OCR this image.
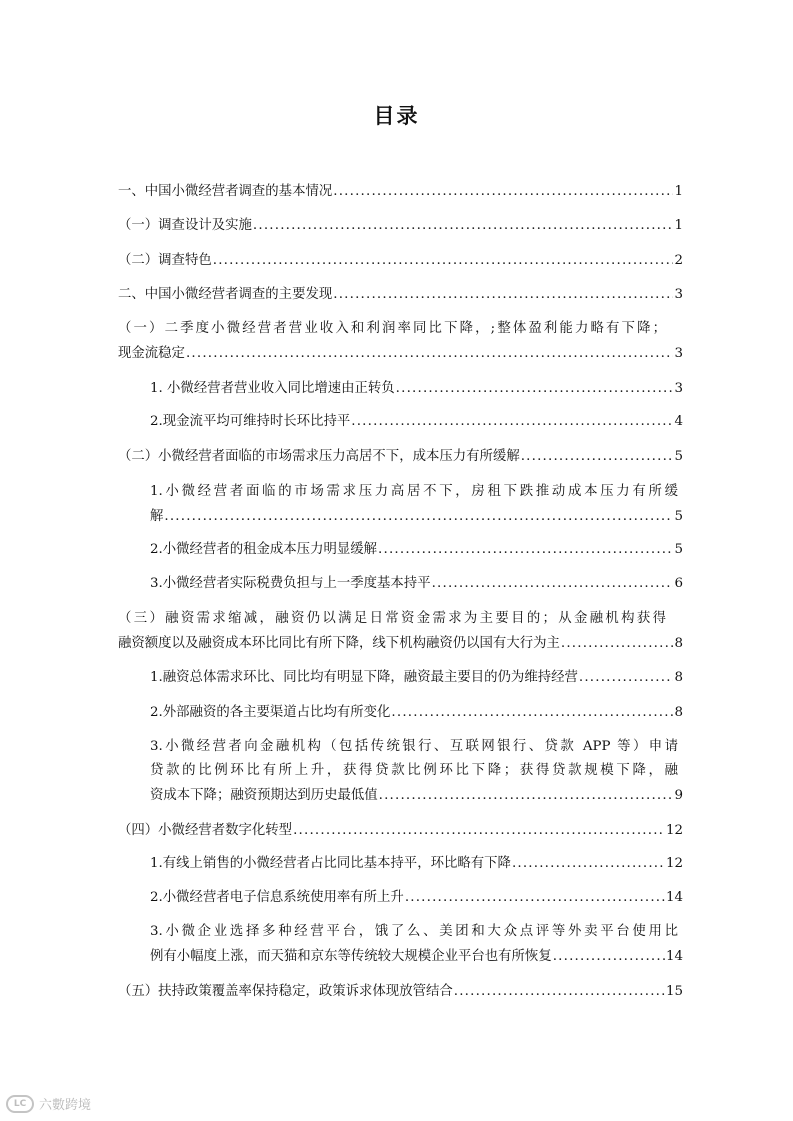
目录
一、中国小微经营者调查的基本情况 .....	1
（一）调查设计及实施 .....	1
（二）调查特色 .....	2
二、中国小微经营者调查的主要发现 .....	3
（一）二季度小微经营者营业收入和利润率同比下降，;整体盈利能力略有下降；
现金流稳定 .....	3
1. 小微经营者营业收入同比增速由正转负 .....	3
2.现金流平均可维持时长环比持平 .....	4
（二）小微经营者面临的市场需求压力高居不下，成本压力有所缓解 .....	5
1.小微经营者面临的市场需求压力高居不下，房租下跌推动成本压力有所缓
解 .....	5
2.小微经营者的租金成本压力明显缓解 .....	5
3.小微经营者实际税费负担与上一季度基本持平 .....	6
（三）融资需求缩减，融资仍以满足日常资金需求为主要目的；从金融机构获得
融资额度以及融资成本环比同比有所下降，线下机构融资仍以国有大行为主 .....	8
1.融资总体需求环比、同比均有明显下降，融资最主要目的仍为维持经营 .....	8
2.外部融资的各主要渠道占比均有所变化 .....	8
3.小微经营者向金融机构（包括传统银行、互联网银行、贷款 APP 等）申请
贷款的比例环比有所上升，获得贷款比例环比下降；获得贷款规模下降，融
资成本下降；融资预期达到历史最低值 .....	9
（四）小微经营者数字化转型 .....	12
1.有线上销售的小微经营者占比同比基本持平，环比略有下降 .....	12
2.小微经营者电子信息系统使用率有所上升 .....	14
3.小微企业选择多种经营平台，饿了么、美团和大众点评等外卖平台使用比
例有小幅度上涨，而天猫和京东等传统较大规模企业平台也有所恢复 .....	14
（五）扶持政策覆盖率保持稳定，政策诉求体现放管结合 .....	15
LC 六數跨境
